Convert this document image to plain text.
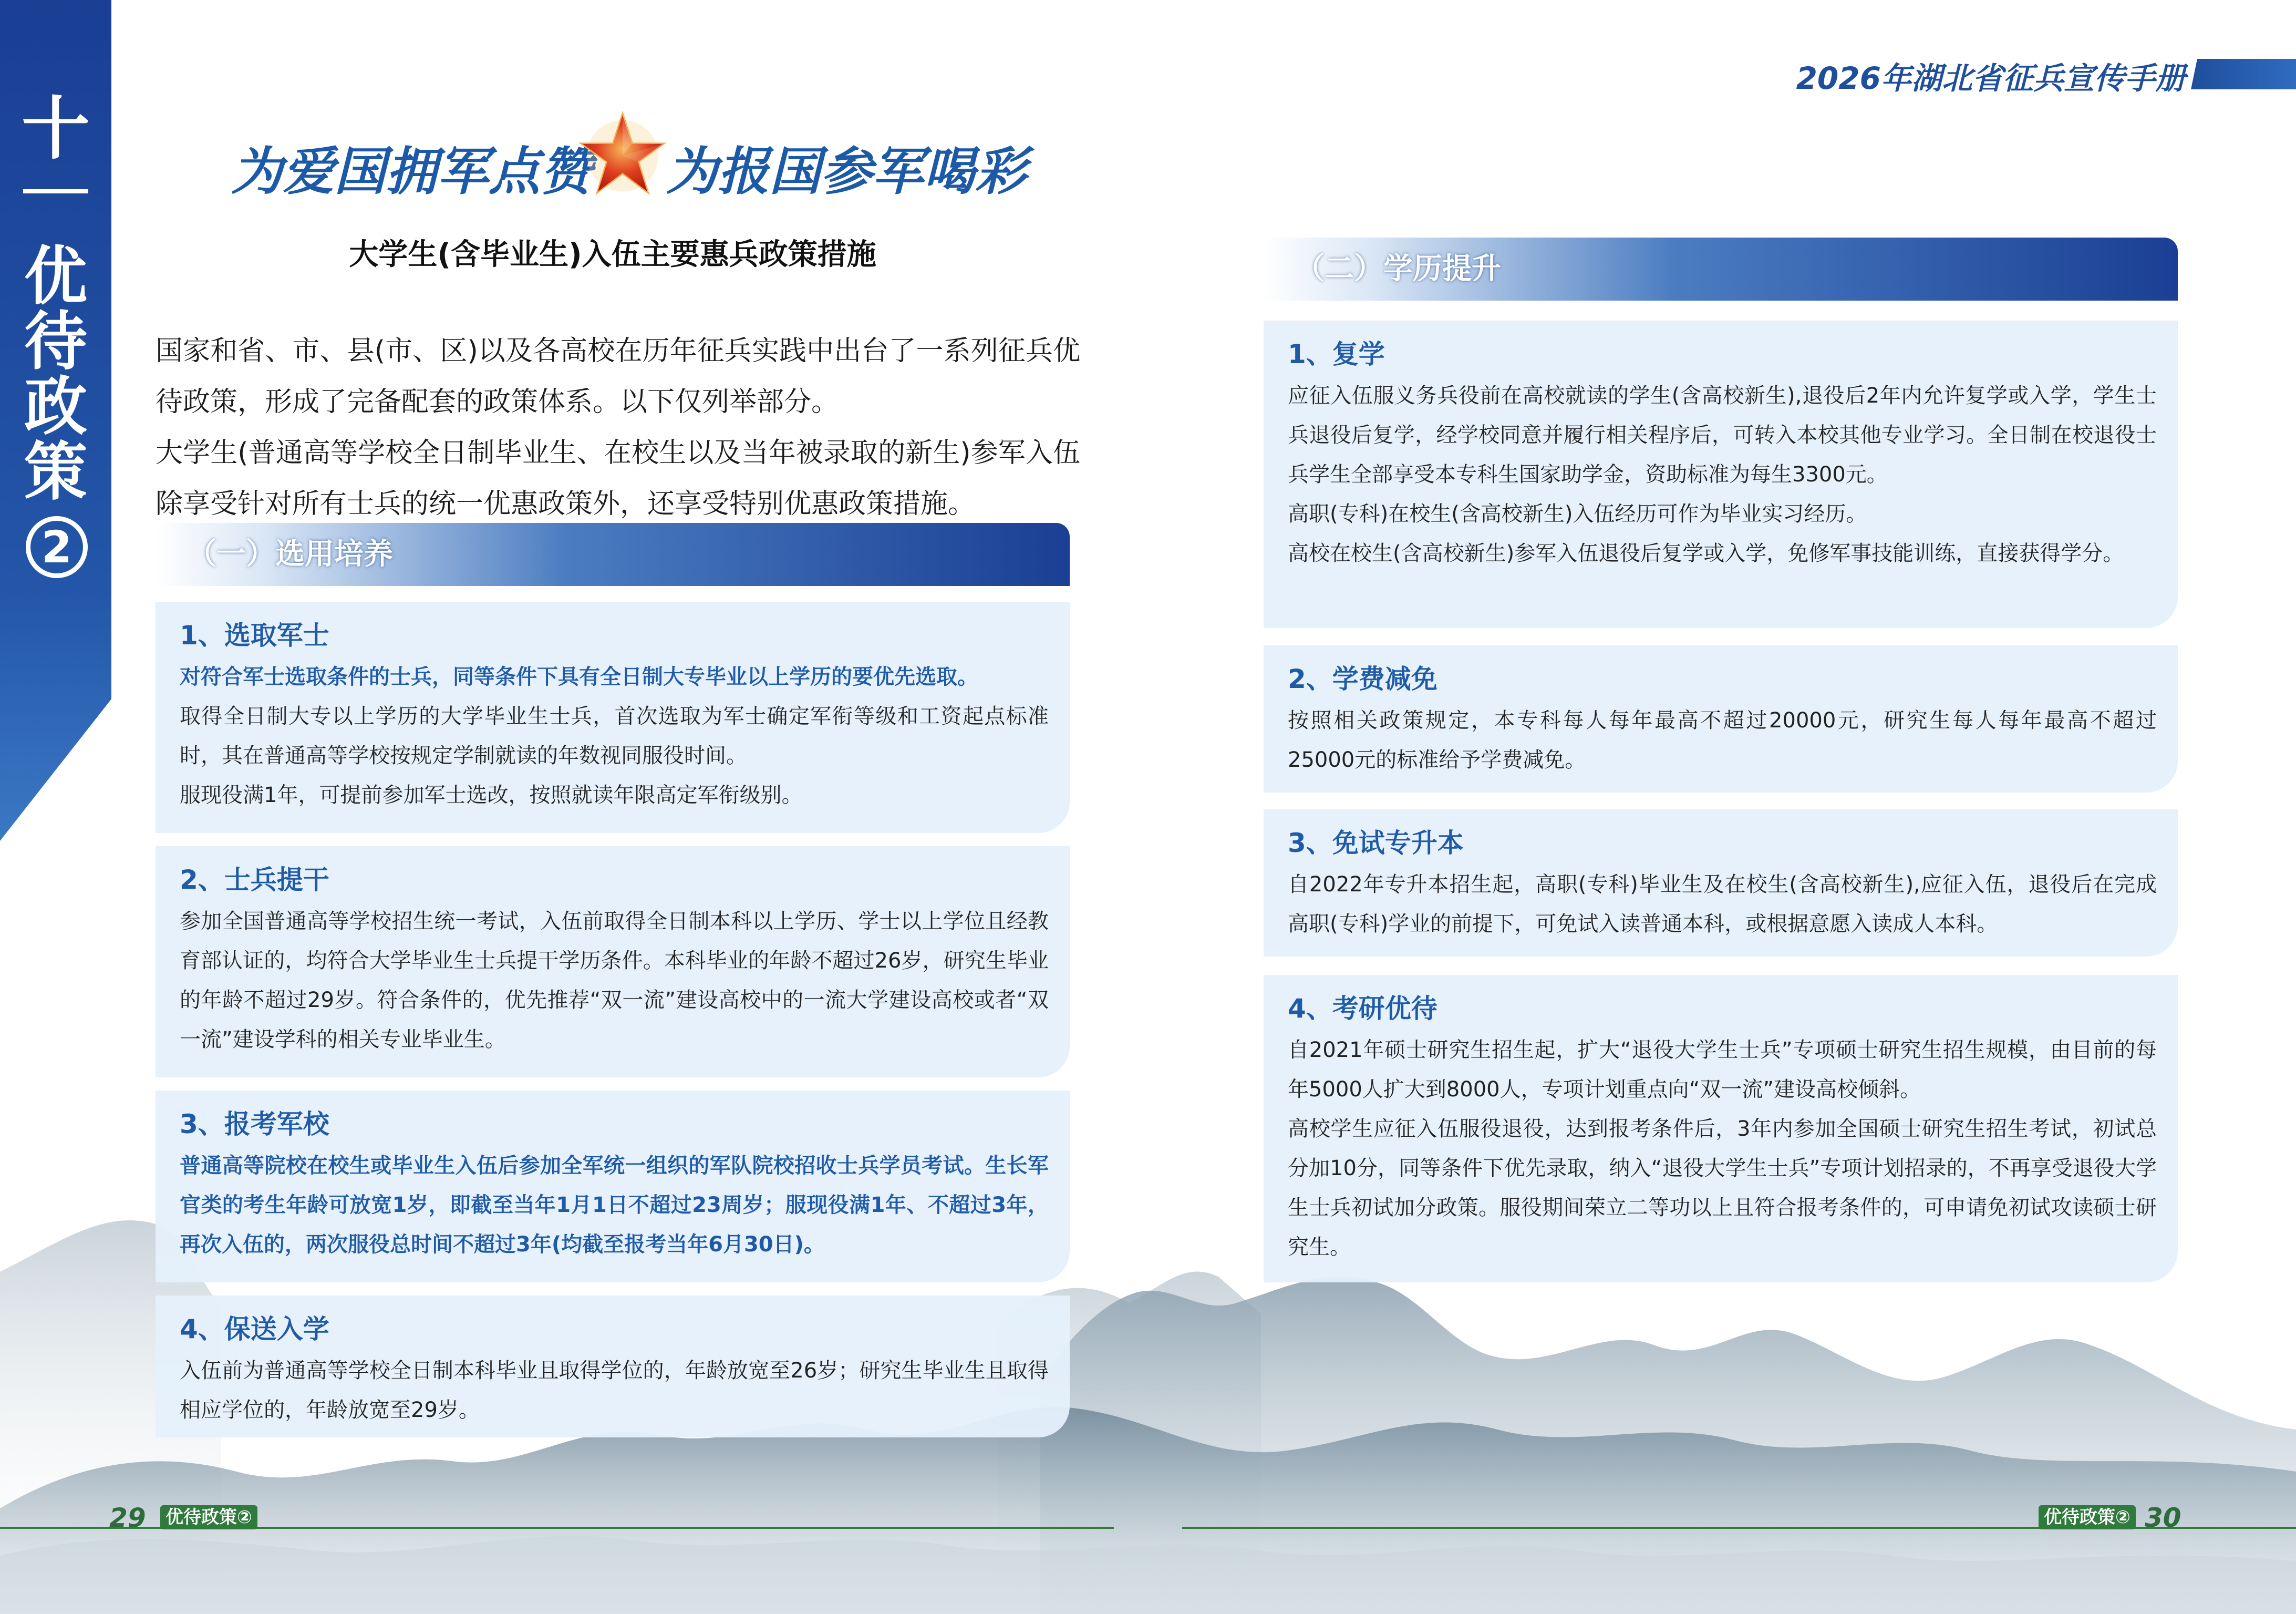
十
优
待
政
策
2
2026年湖北省征兵宣传手册
为爱国拥军点赞 为报国参军喝彩
大学生(含毕业生)入伍主要惠兵政策措施

国家和省、市、县(市、区)以及各高校在历年征兵实践中出台了一系列征兵优待政策，形成了完备配套的政策体系。以下仅列举部分。

大学生(普通高等学校全日制毕业生、在校生以及当年被录取的新生)参军入伍除享受针对所有士兵的统一优惠政策外，还享受特别优惠政策措施。

（一）选用培养
1、选取军士

对符合军士选取条件的士兵，同等条件下具有全日制大专毕业以上学历的要优先选取。

取得全日制大专以上学历的大学毕业生士兵，首次选取为军士确定军衔等级和工资起点标准时，其在普通高等学校按规定学制就读的年数视同服役时间。

服现役满1年，可提前参加军士选改，按照就读年限高定军衔级别。

2、士兵提干

参加全国普通高等学校招生统一考试，入伍前取得全日制本科以上学历、学士以上学位且经教育部认证的，均符合大学毕业生士兵提干学历条件。本科毕业的年龄不超过26岁，研究生毕业的年龄不超过29岁。符合条件的，优先推荐“双一流”建设高校中的一流大学建设高校或者“双一流”建设学科的相关专业毕业生。

3、报考军校

普通高等院校在校生或毕业生入伍后参加全军统一组织的军队院校招收士兵学员考试。生长军官类的考生年龄可放宽1岁，即截至当年1月1日不超过23周岁；服现役满1年、不超过3年，再次入伍的，两次服役总时间不超过3年(均截至报考当年6月30日)。

4、保送入学

入伍前为普通高等学校全日制本科毕业且取得学位的，年龄放宽至26岁；研究生毕业生且取得相应学位的，年龄放宽至29岁。

（二）学历提升
1、复学

应征入伍服义务兵役前在高校就读的学生(含高校新生),退役后2年内允许复学或入学，学生士兵退役后复学，经学校同意并履行相关程序后，可转入本校其他专业学习。全日制在校退役士兵学生全部享受本专科生国家助学金，资助标准为每生3300元。

高职(专科)在校生(含高校新生)入伍经历可作为毕业实习经历。

高校在校生(含高校新生)参军入伍退役后复学或入学，免修军事技能训练，直接获得学分。

2、学费减免

按照相关政策规定，本专科每人每年最高不超过20000元，研究生每人每年最高不超过25000元的标准给予学费减免。

3、免试专升本

自2022年专升本招生起，高职(专科)毕业生及在校生(含高校新生),应征入伍，退役后在完成高职(专科)学业的前提下，可免试入读普通本科，或根据意愿入读成人本科。

4、考研优待

自2021年硕士研究生招生起，扩大“退役大学生士兵”专项硕士研究生招生规模，由目前的每年5000人扩大到8000人，专项计划重点向“双一流”建设高校倾斜。

高校学生应征入伍服役退役，达到报考条件后，3年内参加全国硕士研究生招生考试，初试总分加10分，同等条件下优先录取，纳入“退役大学生士兵”专项计划招录的，不再享受退役大学生士兵初试加分政策。服役期间荣立二等功以上且符合报考条件的，可申请免初试攻读硕士研究生。

29 优待政策②	优待政策② 30
